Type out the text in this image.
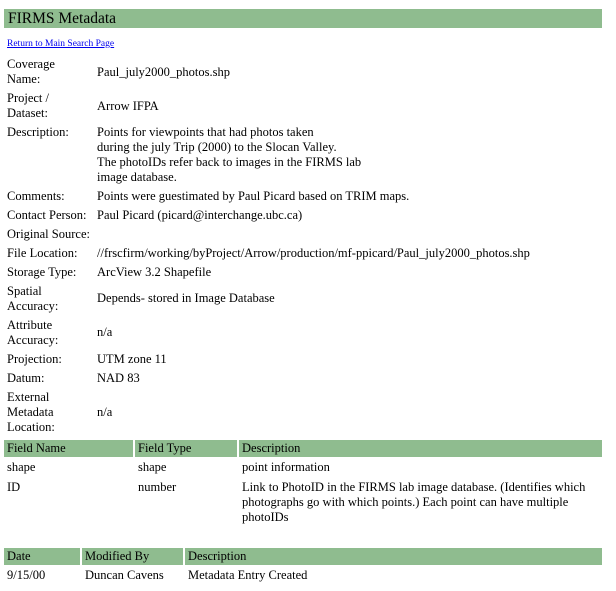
FIRMS Metadata
Return to Main Search Page
Coverage Name:	Paul_july2000_photos.shp
Project / Dataset:	Arrow IFPA
Description:	Points for viewpoints that had photos taken
during the july Trip (2000) to the Slocan Valley.
The photoIDs refer back to images in the FIRMS lab
image database.
Comments:	Points were guestimated by Paul Picard based on TRIM maps.
Contact Person: Paul Picard (picard@interchange.ubc.ca)
Original Source:
File Location:	//frscfirm/working/byProject/Arrow/production/mf-ppicard/Paul_july2000_photos.shp
Storage Type:	ArcView 3.2 Shapefile
Spatial Accuracy:
Depends- stored in Image Database
Attribute Accuracy:
n/a
Projection:	UTM zone 11
Datum:	NAD 83
External Metadata Location:
n/a
Field Name	Field Type	Description
shape	shape	point information
ID	number	Link to PhotoID in the FIRMS lab image database. (Identifies which photographs go with which points.) Each point can have multiple photoIDs
Date	Modified By	Description
9/15/00	Duncan Cavens	Metadata Entry Created
